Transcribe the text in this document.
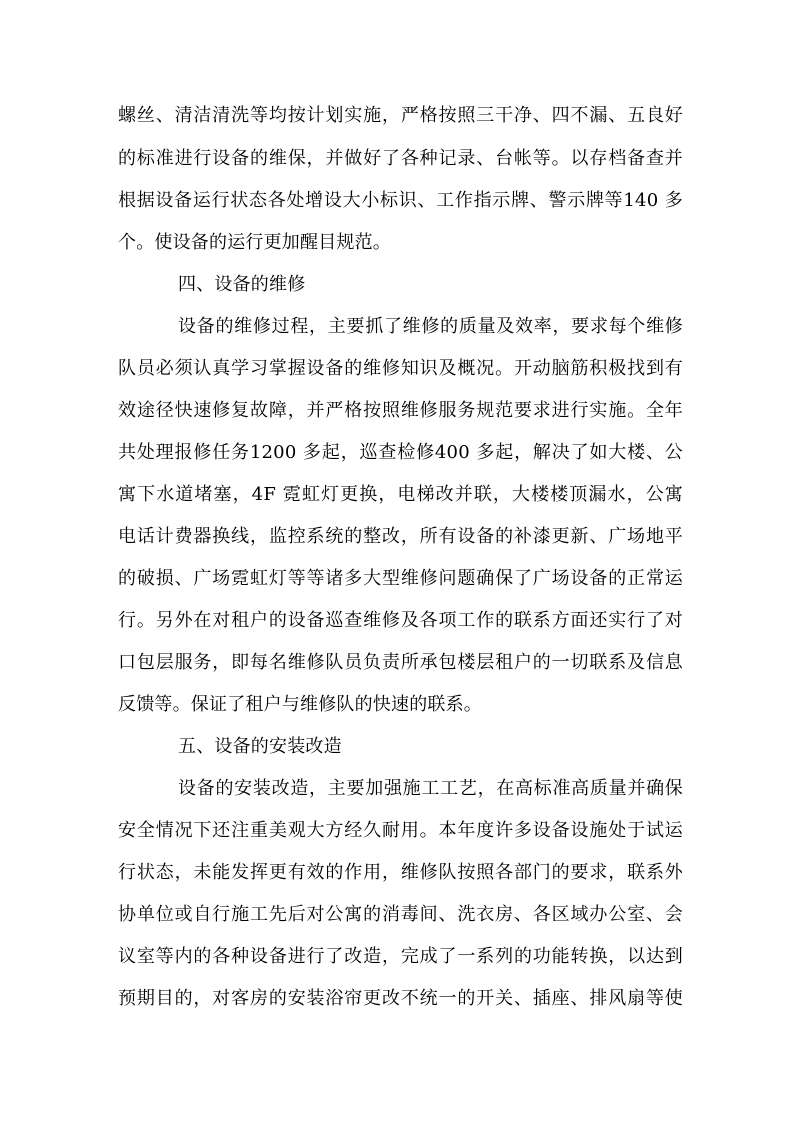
螺丝、清洁清洗等均按计划实施，严格按照三干净、四不漏、五良好
的标准进行设备的维保，并做好了各种记录、台帐等。以存档备查并
根据设备运行状态各处增设大小标识、工作指示牌、警示牌等140 多
个。使设备的运行更加醒目规范。
四、设备的维修
设备的维修过程，主要抓了维修的质量及效率，要求每个维修
队员必须认真学习掌握设备的维修知识及概况。开动脑筋积极找到有
效途径快速修复故障，并严格按照维修服务规范要求进行实施。全年
共处理报修任务1200 多起，巡查检修400 多起，解决了如大楼、公
寓下水道堵塞，4F 霓虹灯更换，电梯改并联，大楼楼顶漏水，公寓
电话计费器换线，监控系统的整改，所有设备的补漆更新、广场地平
的破损、广场霓虹灯等等诸多大型维修问题确保了广场设备的正常运
行。另外在对租户的设备巡查维修及各项工作的联系方面还实行了对
口包层服务，即每名维修队员负责所承包楼层租户的一切联系及信息
反馈等。保证了租户与维修队的快速的联系。
五、设备的安装改造
设备的安装改造，主要加强施工工艺，在高标准高质量并确保
安全情况下还注重美观大方经久耐用。本年度许多设备设施处于试运
行状态，未能发挥更有效的作用，维修队按照各部门的要求，联系外
协单位或自行施工先后对公寓的消毒间、洗衣房、各区域办公室、会
议室等内的各种设备进行了改造，完成了一系列的功能转换，以达到
预期目的，对客房的安装浴帘更改不统一的开关、插座、排风扇等使
